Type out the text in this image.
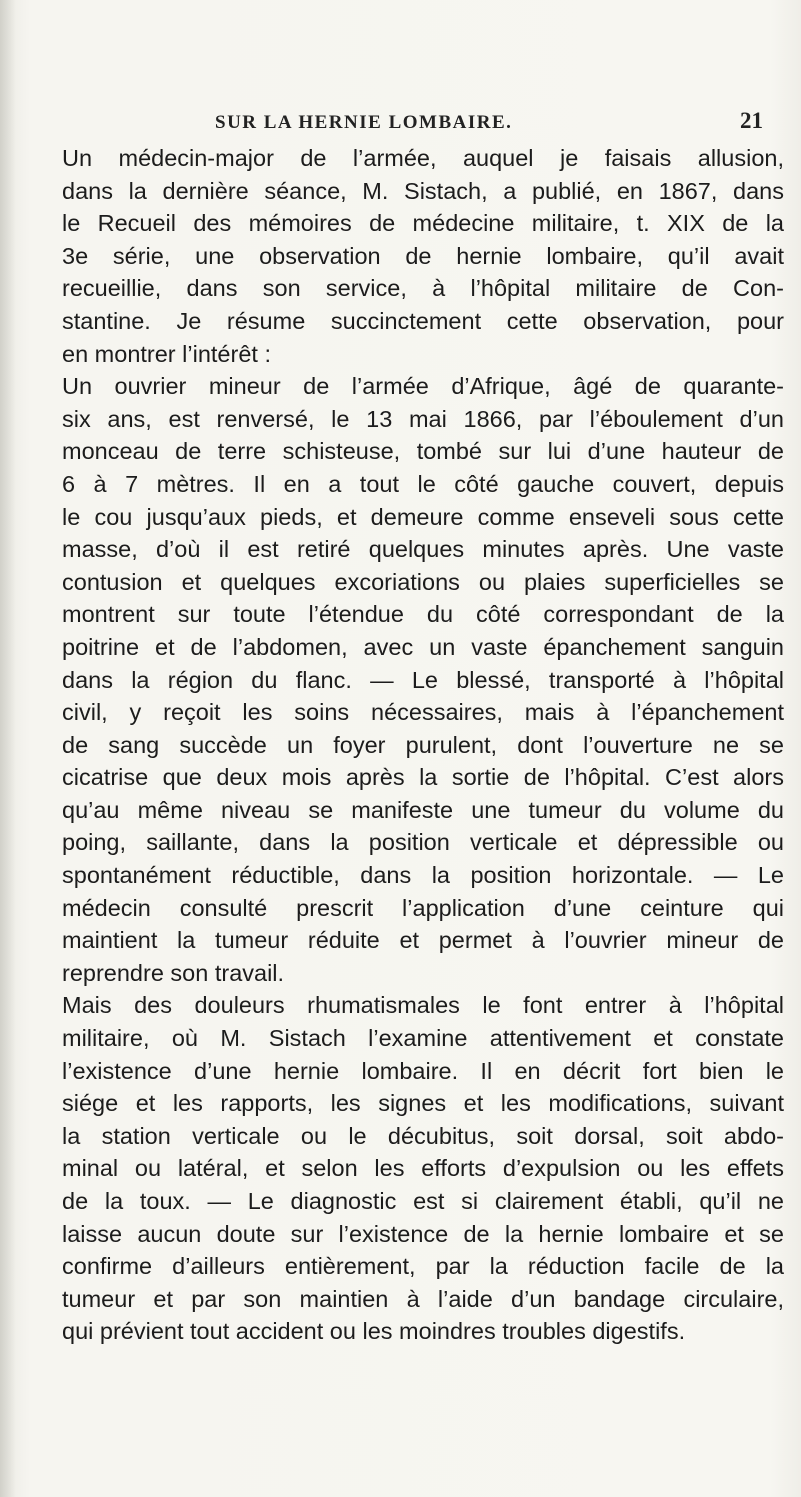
SUR LA HERNIE LOMBAIRE.	21
Un médecin-major de l’armée, auquel je faisais allusion,
dans la dernière séance, M. Sistach, a publié, en 1867, dans
le Recueil des mémoires de médecine militaire, t. XIX de la
3e série, une observation de hernie lombaire, qu’il avait
recueillie, dans son service, à l’hôpital militaire de Con-
stantine. Je résume succinctement cette observation, pour
en montrer l’intérêt :
Un ouvrier mineur de l’armée d’Afrique, âgé de quarante-
six ans, est renversé, le 13 mai 1866, par l’éboulement d’un
monceau de terre schisteuse, tombé sur lui d’une hauteur de
6 à 7 mètres. Il en a tout le côté gauche couvert, depuis
le cou jusqu’aux pieds, et demeure comme enseveli sous cette
masse, d’où il est retiré quelques minutes après. Une vaste
contusion et quelques excoriations ou plaies superficielles se
montrent sur toute l’étendue du côté correspondant de la
poitrine et de l’abdomen, avec un vaste épanchement sanguin
dans la région du flanc. — Le blessé, transporté à l’hôpital
civil, y reçoit les soins nécessaires, mais à l’épanchement
de sang succède un foyer purulent, dont l’ouverture ne se
cicatrise que deux mois après la sortie de l’hôpital. C’est alors
qu’au même niveau se manifeste une tumeur du volume du
poing, saillante, dans la position verticale et dépressible ou
spontanément réductible, dans la position horizontale. — Le
médecin consulté prescrit l’application d’une ceinture qui
maintient la tumeur réduite et permet à l’ouvrier mineur de
reprendre son travail.
Mais des douleurs rhumatismales le font entrer à l’hôpital
militaire, où M. Sistach l’examine attentivement et constate
l’existence d’une hernie lombaire. Il en décrit fort bien le
siége et les rapports, les signes et les modifications, suivant
la station verticale ou le décubitus, soit dorsal, soit abdo-
minal ou latéral, et selon les efforts d’expulsion ou les effets
de la toux. — Le diagnostic est si clairement établi, qu’il ne
laisse aucun doute sur l’existence de la hernie lombaire et se
confirme d’ailleurs entièrement, par la réduction facile de la
tumeur et par son maintien à l’aide d’un bandage circulaire,
qui prévient tout accident ou les moindres troubles digestifs.
